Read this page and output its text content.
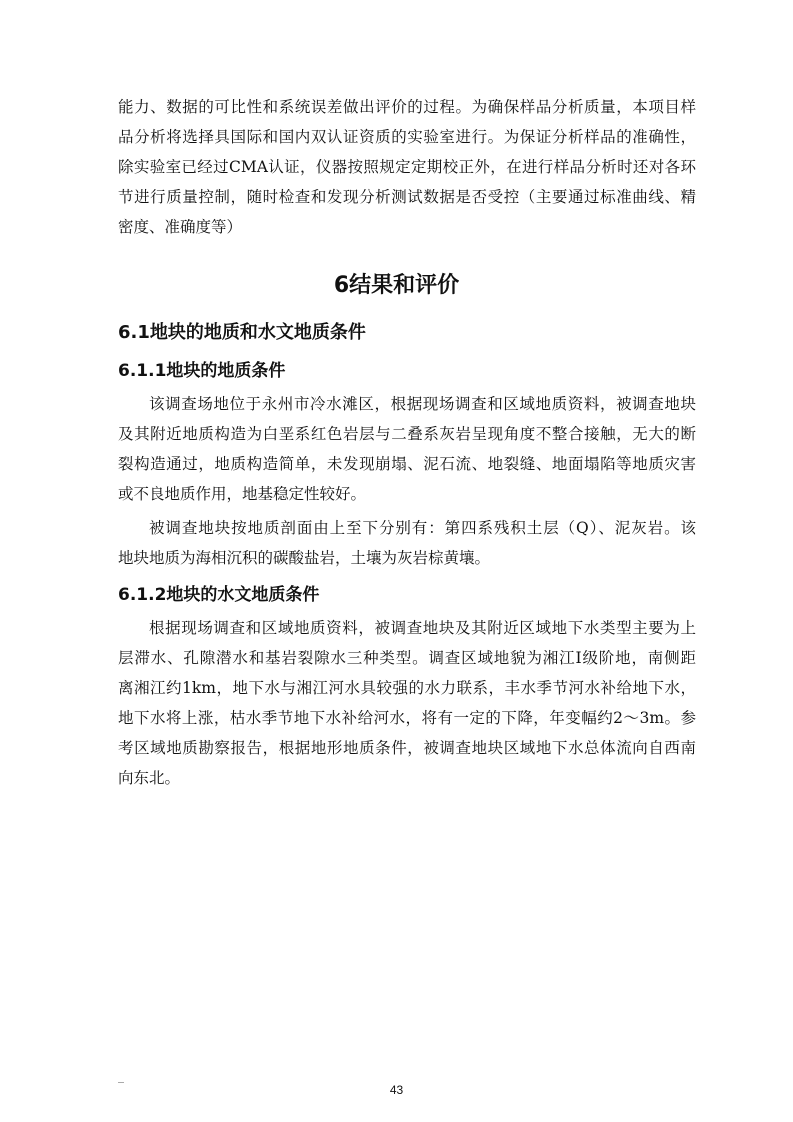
能力、数据的可比性和系统误差做出评价的过程。为确保样品分析质量，本项目样
品分析将选择具国际和国内双认证资质的实验室进行。为保证分析样品的准确性，
除实验室已经过CMA认证，仪器按照规定定期校正外，在进行样品分析时还对各环
节进行质量控制，随时检查和发现分析测试数据是否受控（主要通过标准曲线、精
密度、准确度等）
6结果和评价
6.1地块的地质和水文地质条件
6.1.1地块的地质条件
该调查场地位于永州市冷水滩区，根据现场调查和区域地质资料，被调查地块
及其附近地质构造为白垩系红色岩层与二叠系灰岩呈现角度不整合接触，无大的断
裂构造通过，地质构造简单，未发现崩塌、泥石流、地裂缝、地面塌陷等地质灾害
或不良地质作用，地基稳定性较好。
被调查地块按地质剖面由上至下分别有：第四系残积土层（Q）、泥灰岩。该
地块地质为海相沉积的碳酸盐岩，土壤为灰岩棕黄壤。
6.1.2地块的水文地质条件
根据现场调查和区域地质资料，被调查地块及其附近区域地下水类型主要为上
层滞水、孔隙潜水和基岩裂隙水三种类型。调查区域地貌为湘江Ⅰ级阶地，南侧距
离湘江约1km，地下水与湘江河水具较强的水力联系，丰水季节河水补给地下水，
地下水将上涨，枯水季节地下水补给河水，将有一定的下降，年变幅约2～3m。参
考区域地质勘察报告，根据地形地质条件，被调查地块区域地下水总体流向自西南
向东北。
43
